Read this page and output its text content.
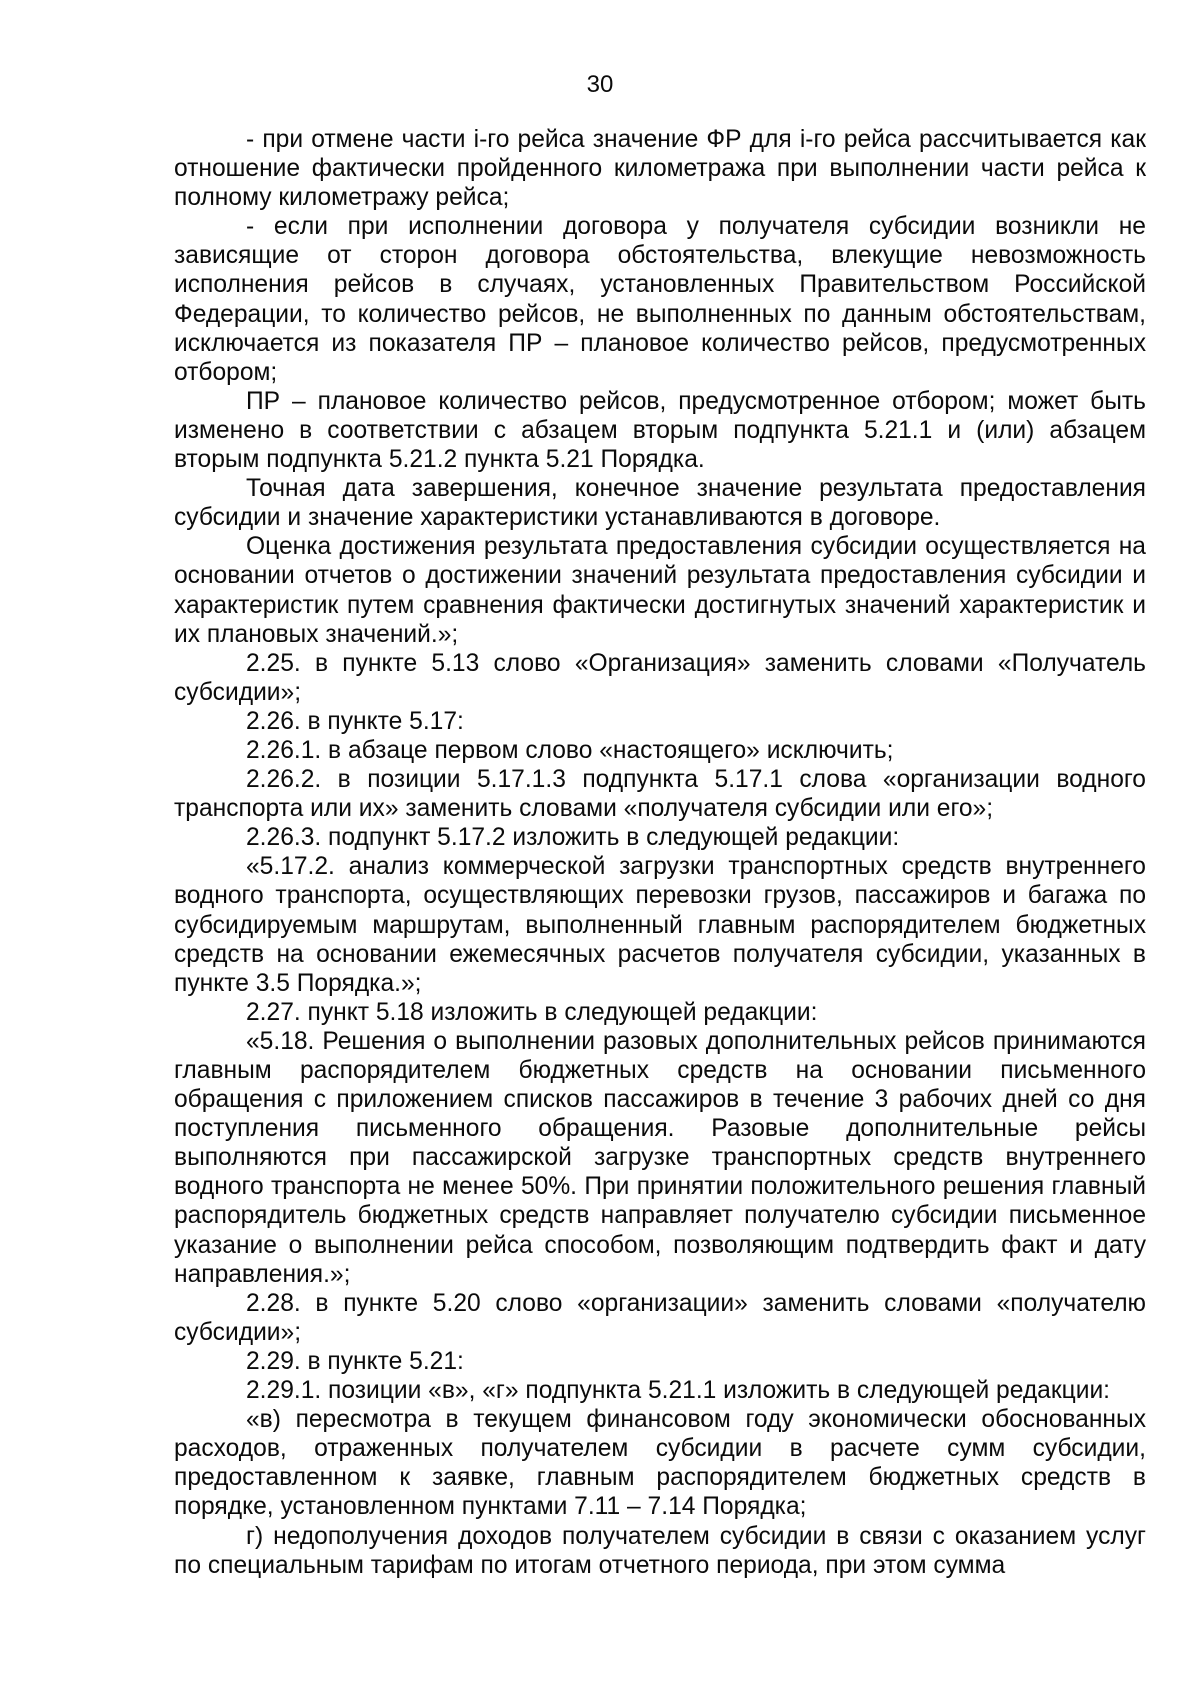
30

- при отмене части i-го рейса значение ФР для i-го рейса рассчитывается как отношение фактически пройденного километража при выполнении части рейса к полному километражу рейса;

- если при исполнении договора у получателя субсидии возникли не зависящие от сторон договора обстоятельства, влекущие невозможность исполнения рейсов в случаях, установленных Правительством Российской Федерации, то количество рейсов, не выполненных по данным обстоятельствам, исключается из показателя ПР – плановое количество рейсов, предусмотренных отбором;

ПР – плановое количество рейсов, предусмотренное отбором; может быть изменено в соответствии с абзацем вторым подпункта 5.21.1 и (или) абзацем вторым подпункта 5.21.2 пункта 5.21 Порядка.

Точная дата завершения, конечное значение результата предоставления субсидии и значение характеристики устанавливаются в договоре.

Оценка достижения результата предоставления субсидии осуществляется на основании отчетов о достижении значений результата предоставления субсидии и характеристик путем сравнения фактически достигнутых значений характеристик и их плановых значений.»;

2.25. в пункте 5.13 слово «Организация» заменить словами «Получатель субсидии»;

2.26. в пункте 5.17:

2.26.1. в абзаце первом слово «настоящего» исключить;

2.26.2. в позиции 5.17.1.3 подпункта 5.17.1 слова «организации водного транспорта или их» заменить словами «получателя субсидии или его»;

2.26.3. подпункт 5.17.2 изложить в следующей редакции:

«5.17.2. анализ коммерческой загрузки транспортных средств внутреннего водного транспорта, осуществляющих перевозки грузов, пассажиров и багажа по субсидируемым маршрутам, выполненный главным распорядителем бюджетных средств на основании ежемесячных расчетов получателя субсидии, указанных в пункте 3.5 Порядка.»;

2.27. пункт 5.18 изложить в следующей редакции:

«5.18. Решения о выполнении разовых дополнительных рейсов принимаются главным распорядителем бюджетных средств на основании письменного обращения с приложением списков пассажиров в течение 3 рабочих дней со дня поступления письменного обращения. Разовые дополнительные рейсы выполняются при пассажирской загрузке транспортных средств внутреннего водного транспорта не менее 50%. При принятии положительного решения главный распорядитель бюджетных средств направляет получателю субсидии письменное указание о выполнении рейса способом, позволяющим подтвердить факт и дату направления.»;

2.28. в пункте 5.20 слово «организации» заменить словами «получателю субсидии»;

2.29. в пункте 5.21:

2.29.1. позиции «в», «г» подпункта 5.21.1 изложить в следующей редакции:

«в) пересмотра в текущем финансовом году экономически обоснованных расходов, отраженных получателем субсидии в расчете сумм субсидии, предоставленном к заявке, главным распорядителем бюджетных средств в порядке, установленном пунктами 7.11 – 7.14 Порядка;

г) недополучения доходов получателем субсидии в связи с оказанием услуг по специальным тарифам по итогам отчетного периода, при этом сумма
